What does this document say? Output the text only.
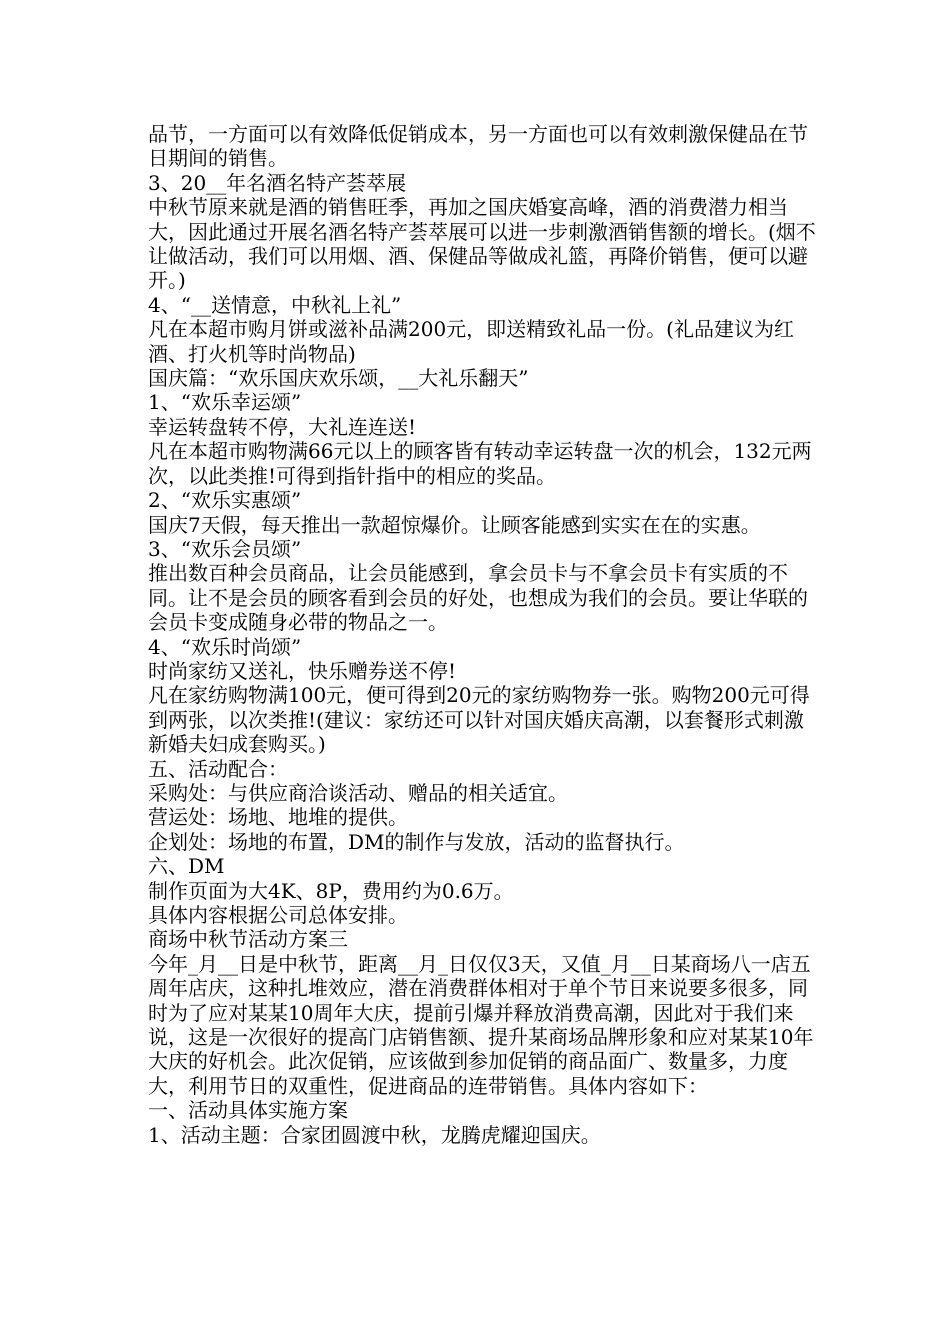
品节，一方面可以有效降低促销成本，另一方面也可以有效刺激保健品在节日期间的销售。

3、20__年名酒名特产荟萃展

中秋节原来就是酒的销售旺季，再加之国庆婚宴高峰，酒的消费潜力相当大，因此通过开展名酒名特产荟萃展可以进一步刺激酒销售额的增长。(烟不让做活动，我们可以用烟、酒、保健品等做成礼篮，再降价销售，便可以避开。)

4、“__送情意，中秋礼上礼”

凡在本超市购月饼或滋补品满200元，即送精致礼品一份。(礼品建议为红酒、打火机等时尚物品)

国庆篇：“欢乐国庆欢乐颂，__大礼乐翻天”

1、“欢乐幸运颂”

幸运转盘转不停，大礼连连送!

凡在本超市购物满66元以上的顾客皆有转动幸运转盘一次的机会，132元两次，以此类推!可得到指针指中的相应的奖品。

2、“欢乐实惠颂”

国庆7天假，每天推出一款超惊爆价。让顾客能感到实实在在的实惠。

3、“欢乐会员颂”

推出数百种会员商品，让会员能感到，拿会员卡与不拿会员卡有实质的不同。让不是会员的顾客看到会员的好处，也想成为我们的会员。要让华联的会员卡变成随身必带的物品之一。

4、“欢乐时尚颂”

时尚家纺又送礼，快乐赠券送不停!

凡在家纺购物满100元，便可得到20元的家纺购物券一张。购物200元可得到两张，以次类推!(建议：家纺还可以针对国庆婚庆高潮，以套餐形式刺激新婚夫妇成套购买。)

五、活动配合：

采购处：与供应商洽谈活动、赠品的相关适宜。

营运处：场地、地堆的提供。

企划处：场地的布置，DM的制作与发放，活动的监督执行。

六、DM

制作页面为大4K、8P，费用约为0.6万。

具体内容根据公司总体安排。

商场中秋节活动方案三

今年_月__日是中秋节，距离__月_日仅仅3天，又值_月__日某商场八一店五周年店庆，这种扎堆效应，潜在消费群体相对于单个节日来说要多很多，同时为了应对某某10周年大庆，提前引爆并释放消费高潮，因此对于我们来说，这是一次很好的提高门店销售额、提升某商场品牌形象和应对某某10年大庆的好机会。此次促销，应该做到参加促销的商品面广、数量多，力度大，利用节日的双重性，促进商品的连带销售。具体内容如下：

一、活动具体实施方案

1、活动主题：合家团圆渡中秋，龙腾虎耀迎国庆。
